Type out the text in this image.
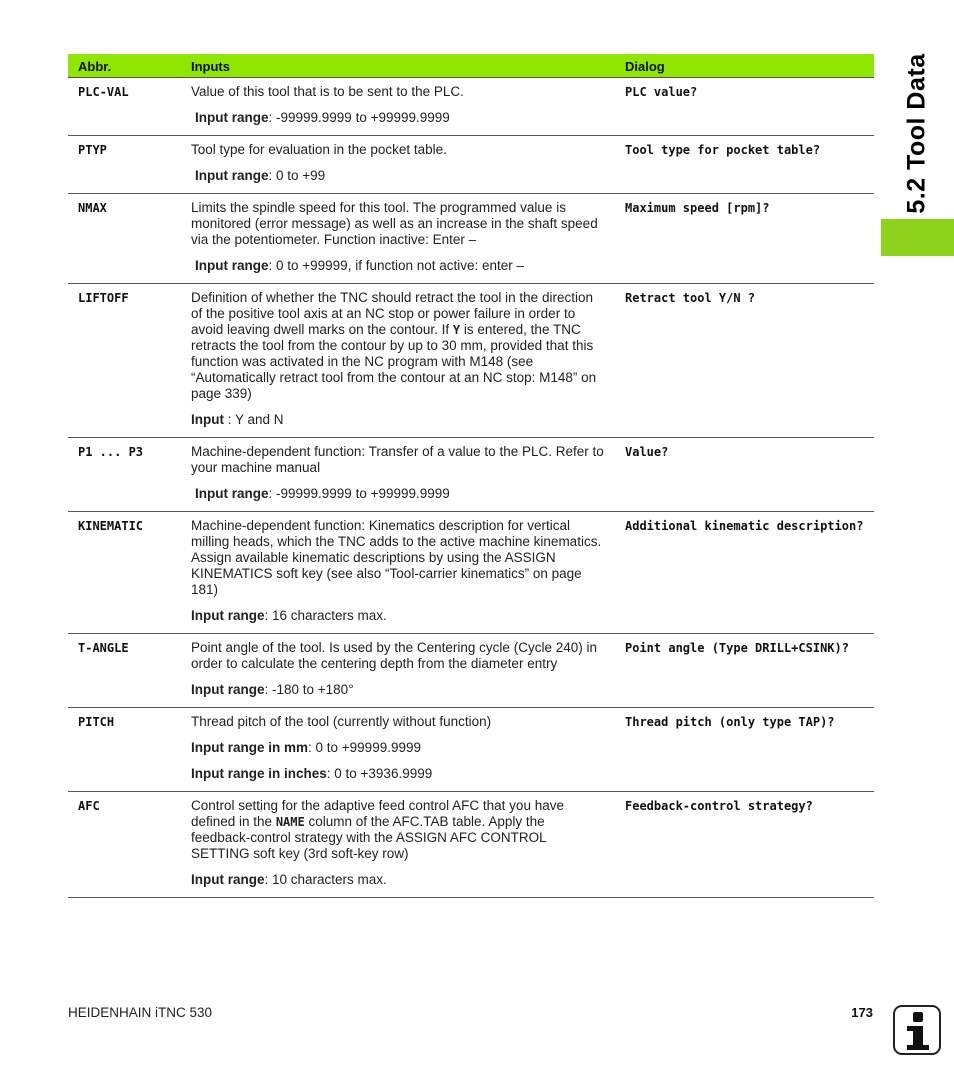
5.2 Tool Data
Abbr.	Inputs	Dialog
PLC-VAL	Value of this tool that is to be sent to the PLC.

Input range: -99999.9999 to +99999.9999	PLC value?
PTYP	Tool type for evaluation in the pocket table.

Input range: 0 to +99	Tool type for pocket table?
NMAX	Limits the spindle speed for this tool. The programmed value is monitored (error message) as well as an increase in the shaft speed via the potentiometer. Function inactive: Enter –

Input range: 0 to +99999, if function not active: enter –	Maximum speed [rpm]?
LIFTOFF	Definition of whether the TNC should retract the tool in the direction of the positive tool axis at an NC stop or power failure in order to avoid leaving dwell marks on the contour. If Y is entered, the TNC retracts the tool from the contour by up to 30 mm, provided that this function was activated in the NC program with M148 (see “Automatically retract tool from the contour at an NC stop: M148” on page 339)

Input : Y and N	Retract tool Y/N ?
P1 ... P3	Machine-dependent function: Transfer of a value to the PLC. Refer to your machine manual

Input range: -99999.9999 to +99999.9999	Value?
KINEMATIC	Machine-dependent function: Kinematics description for vertical milling heads, which the TNC adds to the active machine kinematics. Assign available kinematic descriptions by using the ASSIGN KINEMATICS soft key (see also “Tool-carrier kinematics” on page 181)

Input range: 16 characters max.	Additional kinematic description?
T-ANGLE	Point angle of the tool. Is used by the Centering cycle (Cycle 240) in order to calculate the centering depth from the diameter entry

Input range: -180 to +180°	Point angle (Type DRILL+CSINK)?
PITCH	Thread pitch of the tool (currently without function)

Input range in mm: 0 to +99999.9999

Input range in inches: 0 to +3936.9999	Thread pitch (only type TAP)?
AFC	Control setting for the adaptive feed control AFC that you have defined in the NAME column of the AFC.TAB table. Apply the feedback-control strategy with the ASSIGN AFC CONTROL SETTING soft key (3rd soft-key row)

Input range: 10 characters max.	Feedback-control strategy?
HEIDENHAIN iTNC 530	173
